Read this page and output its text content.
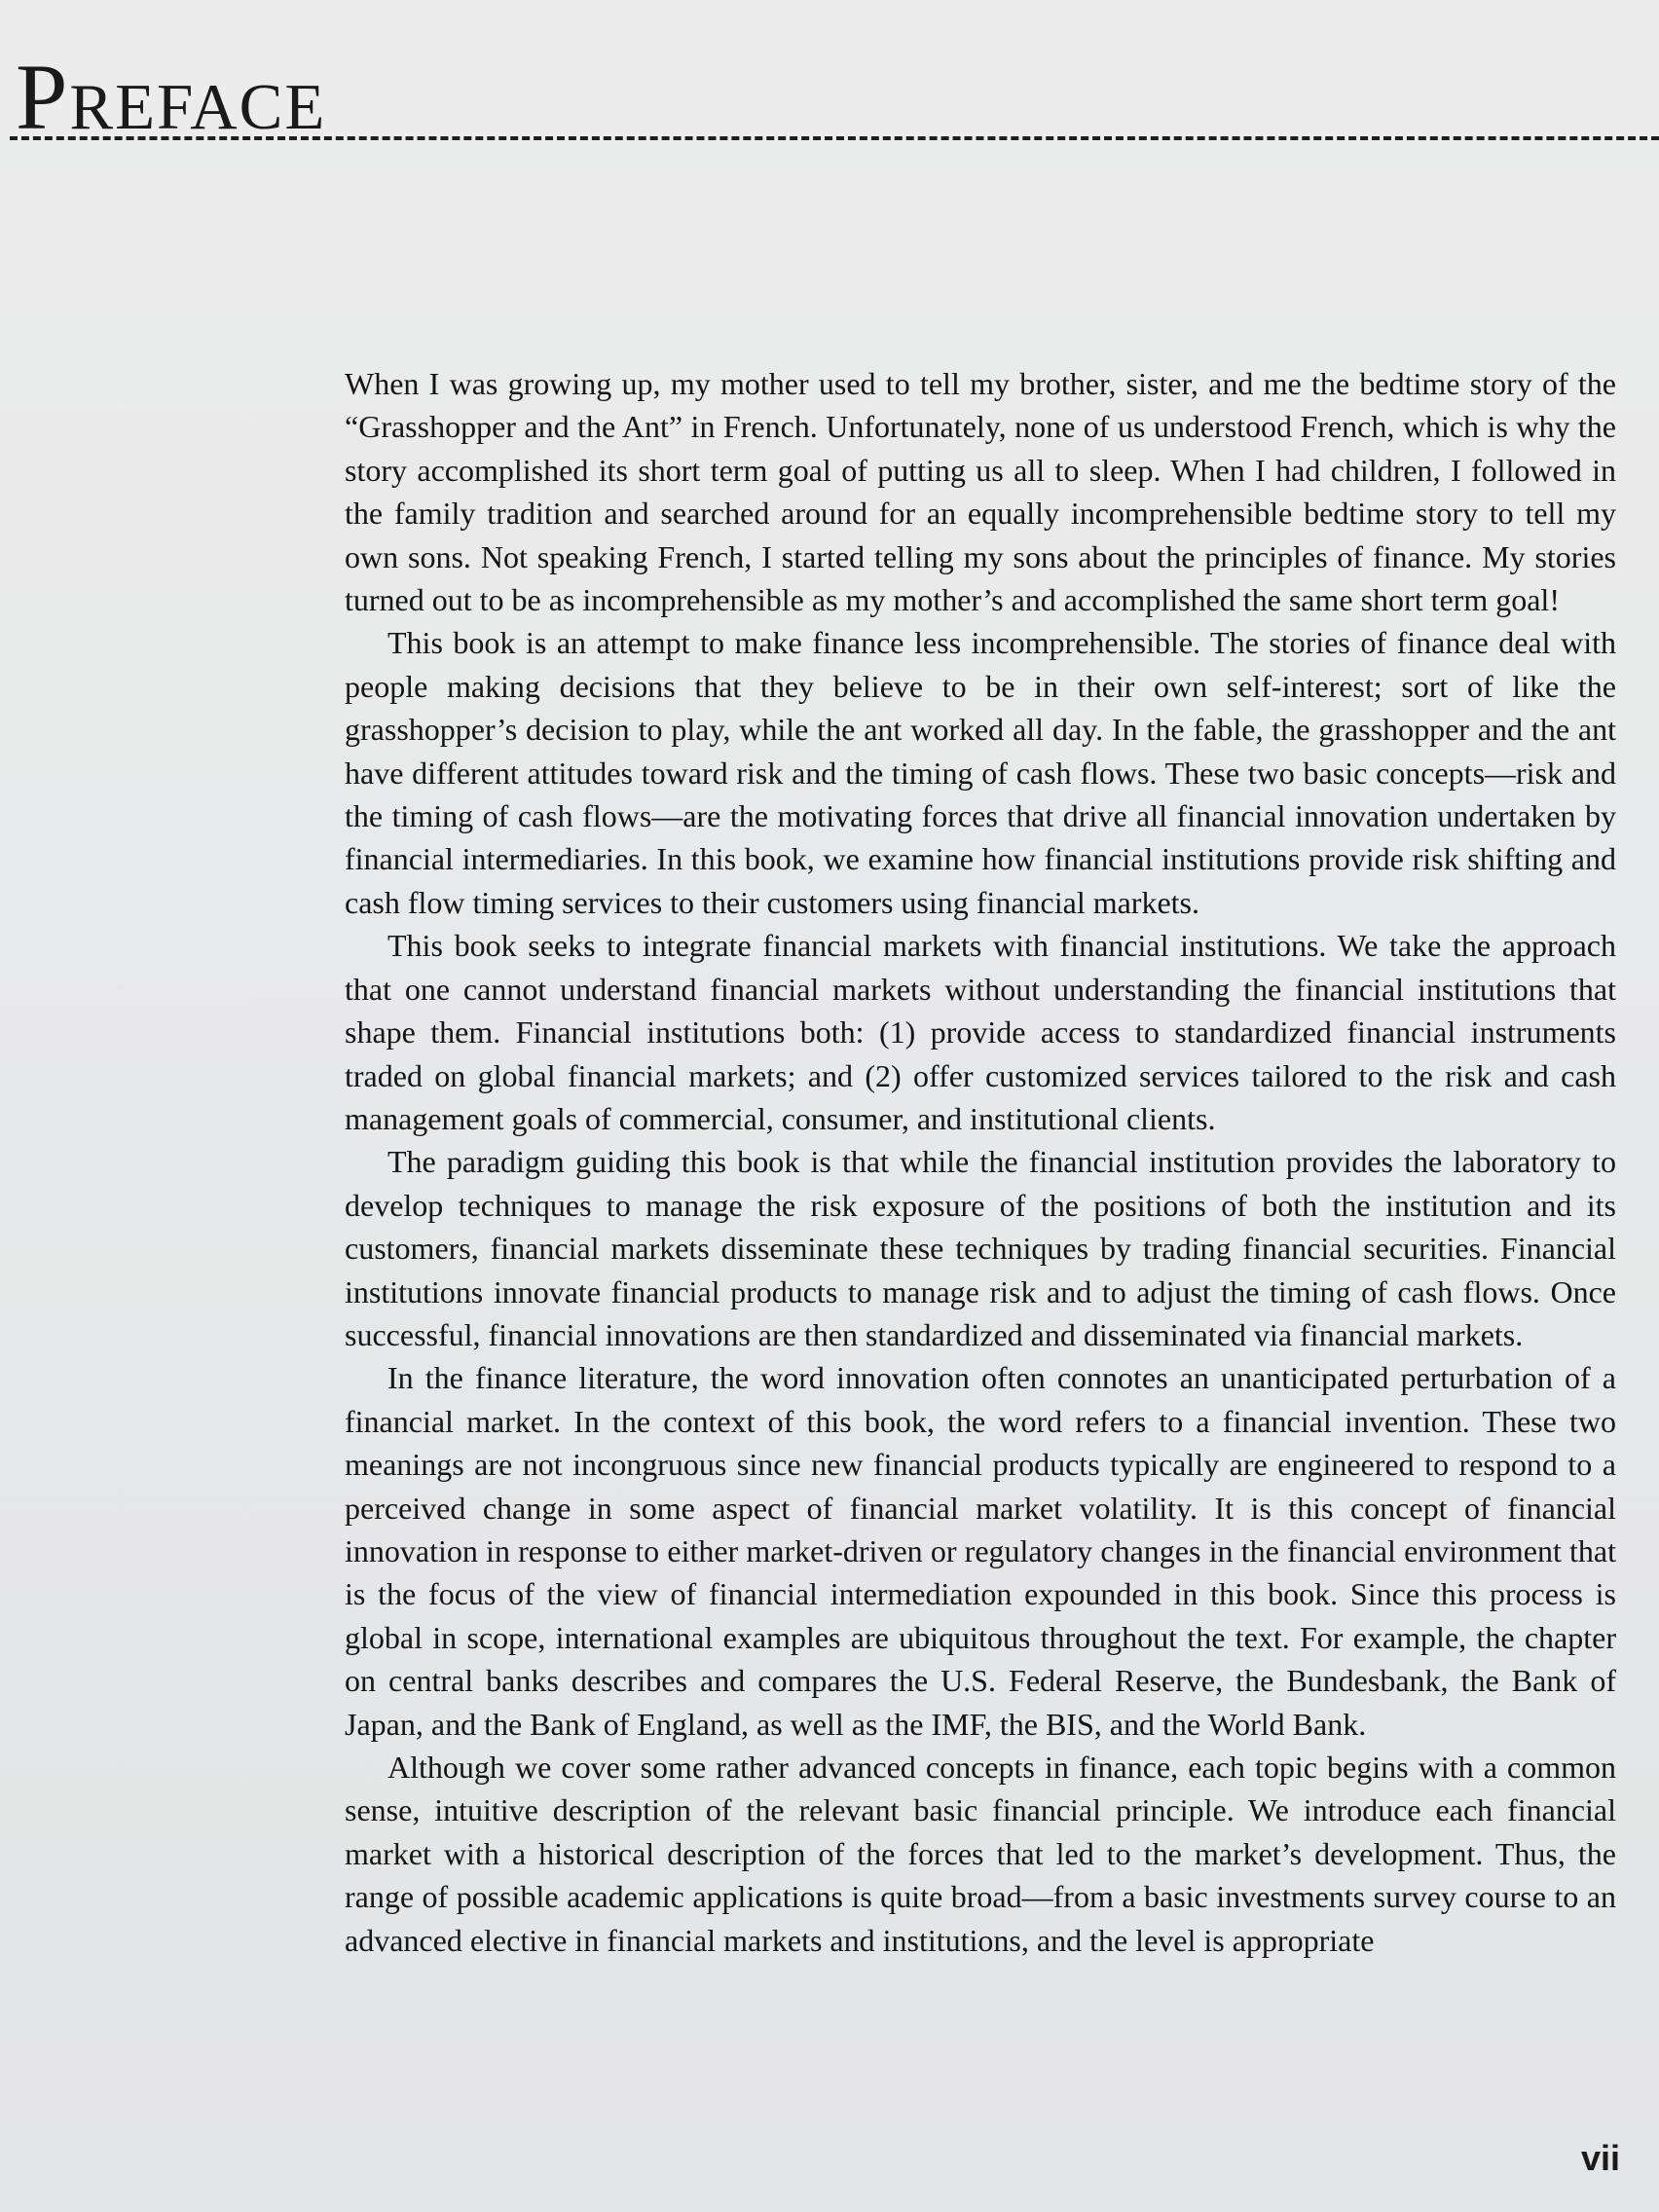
Preface

When I was growing up, my mother used to tell my brother, sister, and me the bedtime story of the “Grasshopper and the Ant” in French. Unfortunately, none of us understood French, which is why the story accomplished its short term goal of putting us all to sleep. When I had children, I followed in the family tradition and searched around for an equally incomprehensible bedtime story to tell my own sons. Not speaking French, I started telling my sons about the principles of finance. My stories turned out to be as incomprehensible as my mother’s and accomplished the same short term goal!

This book is an attempt to make finance less incomprehensible. The stories of finance deal with people making decisions that they believe to be in their own self-interest; sort of like the grasshopper’s decision to play, while the ant worked all day. In the fable, the grasshopper and the ant have different attitudes toward risk and the timing of cash flows. These two basic concepts—risk and the timing of cash flows—are the motivating forces that drive all financial innovation undertaken by financial intermediaries. In this book, we examine how financial institutions provide risk shifting and cash flow timing services to their customers using financial markets.

This book seeks to integrate financial markets with financial institutions. We take the approach that one cannot understand financial markets without understanding the financial institutions that shape them. Financial institutions both: (1) provide access to standardized financial instruments traded on global financial markets; and (2) offer customized services tailored to the risk and cash management goals of commercial, consumer, and institutional clients.

The paradigm guiding this book is that while the financial institution provides the laboratory to develop techniques to manage the risk exposure of the positions of both the institution and its customers, financial markets disseminate these techniques by trading financial securities. Financial institutions innovate financial products to manage risk and to adjust the timing of cash flows. Once successful, financial innovations are then standardized and disseminated via financial markets.

In the finance literature, the word innovation often connotes an unanticipated perturbation of a financial market. In the context of this book, the word refers to a financial invention. These two meanings are not incongruous since new financial products typically are engineered to respond to a perceived change in some aspect of financial market volatility. It is this concept of financial innovation in response to either market-driven or regulatory changes in the financial environment that is the focus of the view of financial intermediation expounded in this book. Since this process is global in scope, international examples are ubiquitous throughout the text. For example, the chapter on central banks describes and compares the U.S. Federal Reserve, the Bundesbank, the Bank of Japan, and the Bank of England, as well as the IMF, the BIS, and the World Bank.

Although we cover some rather advanced concepts in finance, each topic begins with a common sense, intuitive description of the relevant basic financial principle. We introduce each financial market with a historical description of the forces that led to the market’s development. Thus, the range of possible academic applications is quite broad—from a basic investments survey course to an advanced elective in financial markets and institutions, and the level is appropriate

vii
